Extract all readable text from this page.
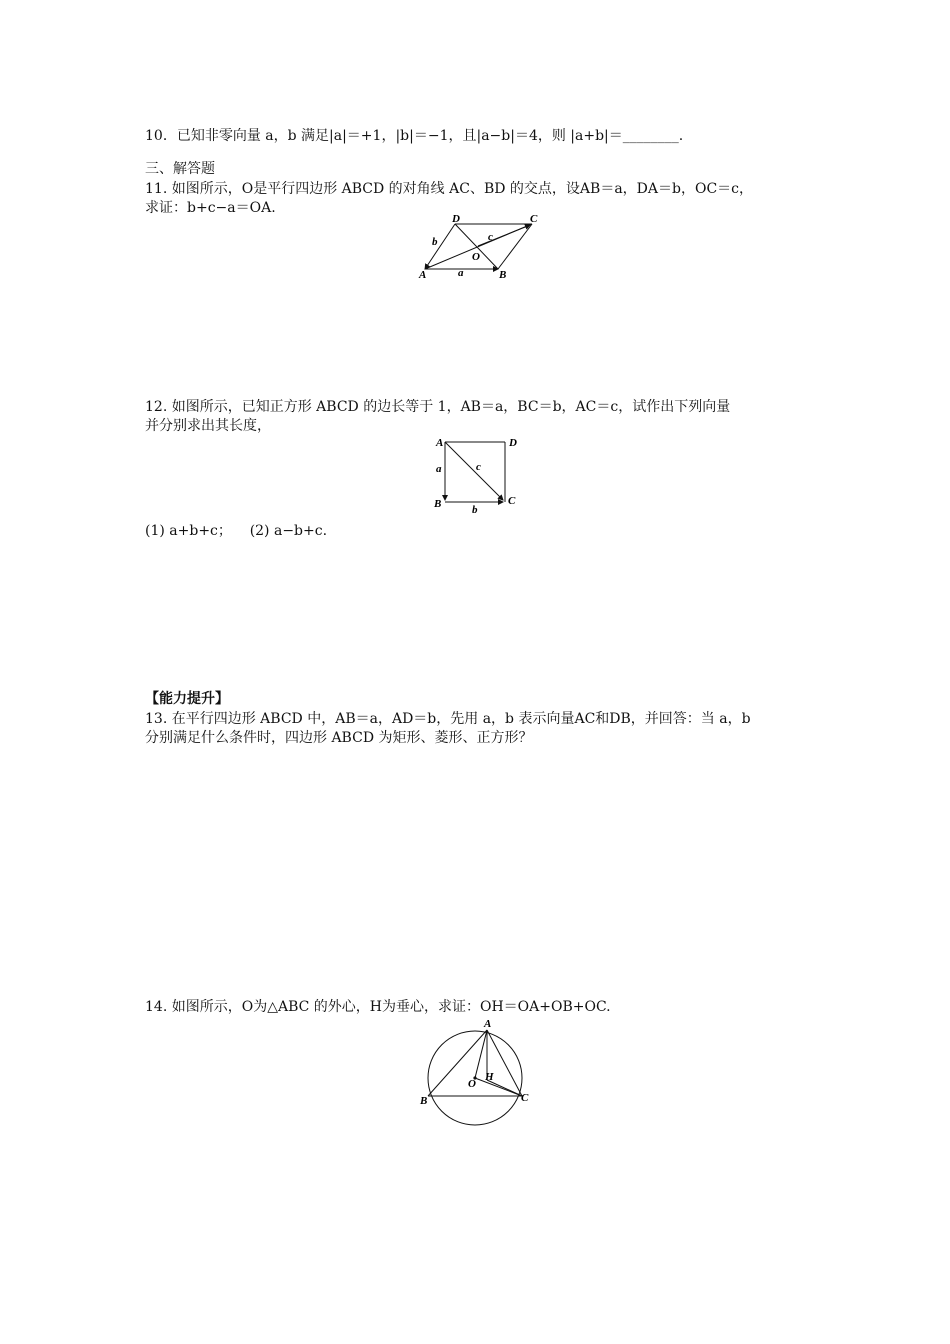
10．已知非零向量 a，b 满足|a|＝+1，|b|＝−1，且|a−b|＝4，则 |a+b|＝________.
三、解答题
11. 如图所示，O是平行四边形 ABCD 的对角线 AC、BD 的交点，设AB＝a，DA＝b，OC＝c，
求证：b+c−a＝OA.
A	B
C
D
O
a
b	c
12. 如图所示，已知正方形 ABCD 的边长等于 1，AB＝a，BC＝b，AC＝c，试作出下列向量
并分别求出其长度，
A
B	C
D
a
b
c
(1) a+b+c；    (2) a−b+c.
【能力提升】
13. 在平行四边形 ABCD 中，AB＝a，AD＝b，先用 a，b 表示向量AC和DB，并回答：当 a，b
分别满足什么条件时，四边形 ABCD 为矩形、菱形、正方形？
14. 如图所示，O为△ABC 的外心，H为垂心，求证：OH＝OA+OB+OC.
A
B	C
O
H
